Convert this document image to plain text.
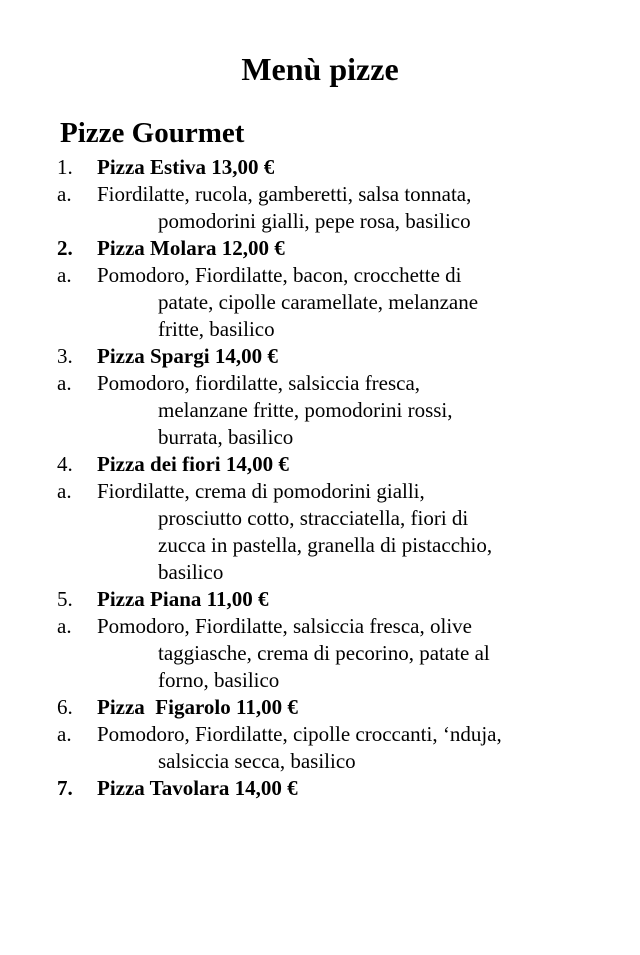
Menù pizze
Pizze Gourmet
1.	Pizza Estiva 13,00 €
a.	Fiordilatte, rucola, gamberetti, salsa tonnata,
pomodorini gialli, pepe rosa, basilico
2.	Pizza Molara 12,00 €
a.	Pomodoro, Fiordilatte, bacon, crocchette di
patate, cipolle caramellate, melanzane
fritte, basilico
3.	Pizza Spargi 14,00 €
a.	Pomodoro, fiordilatte, salsiccia fresca,
melanzane fritte, pomodorini rossi,
burrata, basilico
4.	Pizza dei fiori 14,00 €
a.	Fiordilatte, crema di pomodorini gialli,
prosciutto cotto, stracciatella, fiori di
zucca in pastella, granella di pistacchio,
basilico
5.	Pizza Piana 11,00 €
a.	Pomodoro, Fiordilatte, salsiccia fresca, olive
taggiasche, crema di pecorino, patate al
forno, basilico
6.	Pizza  Figarolo 11,00 €
a.	Pomodoro, Fiordilatte, cipolle croccanti, ‘nduja,
salsiccia secca, basilico
7.	Pizza Tavolara 14,00 €
